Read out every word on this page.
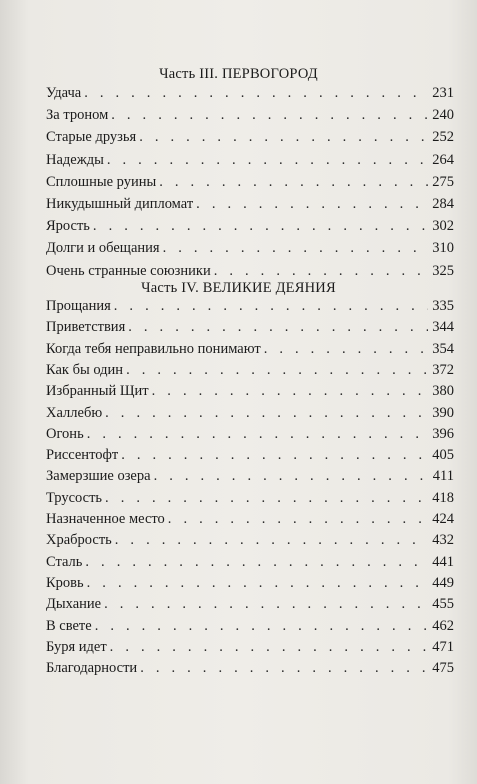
Часть III. ПЕРВОГОРОД
Удача . . .	231
За троном . . .	240
Старые друзья . . .	252
Надежды . . .	264
Сплошные руины . . .	275
Никудышный дипломат . . .	284
Ярость . . .	302
Долги и обещания . . .	310
Очень странные союзники . . .	325
Часть IV. ВЕЛИКИЕ ДЕЯНИЯ
Прощания . . .	335
Приветствия . . .	344
Когда тебя неправильно понимают . . .	354
Как бы один . . .	372
Избранный Щит . . .	380
Халлебю . . .	390
Огонь . . .	396
Риссентофт . . .	405
Замерзшие озера . . .	411
Трусость . . .	418
Назначенное место . . .	424
Храбрость . . .	432
Сталь . . .	441
Кровь . . .	449
Дыхание . . .	455
В свете . . .	462
Буря идет . . .	471
Благодарности . . .	475
